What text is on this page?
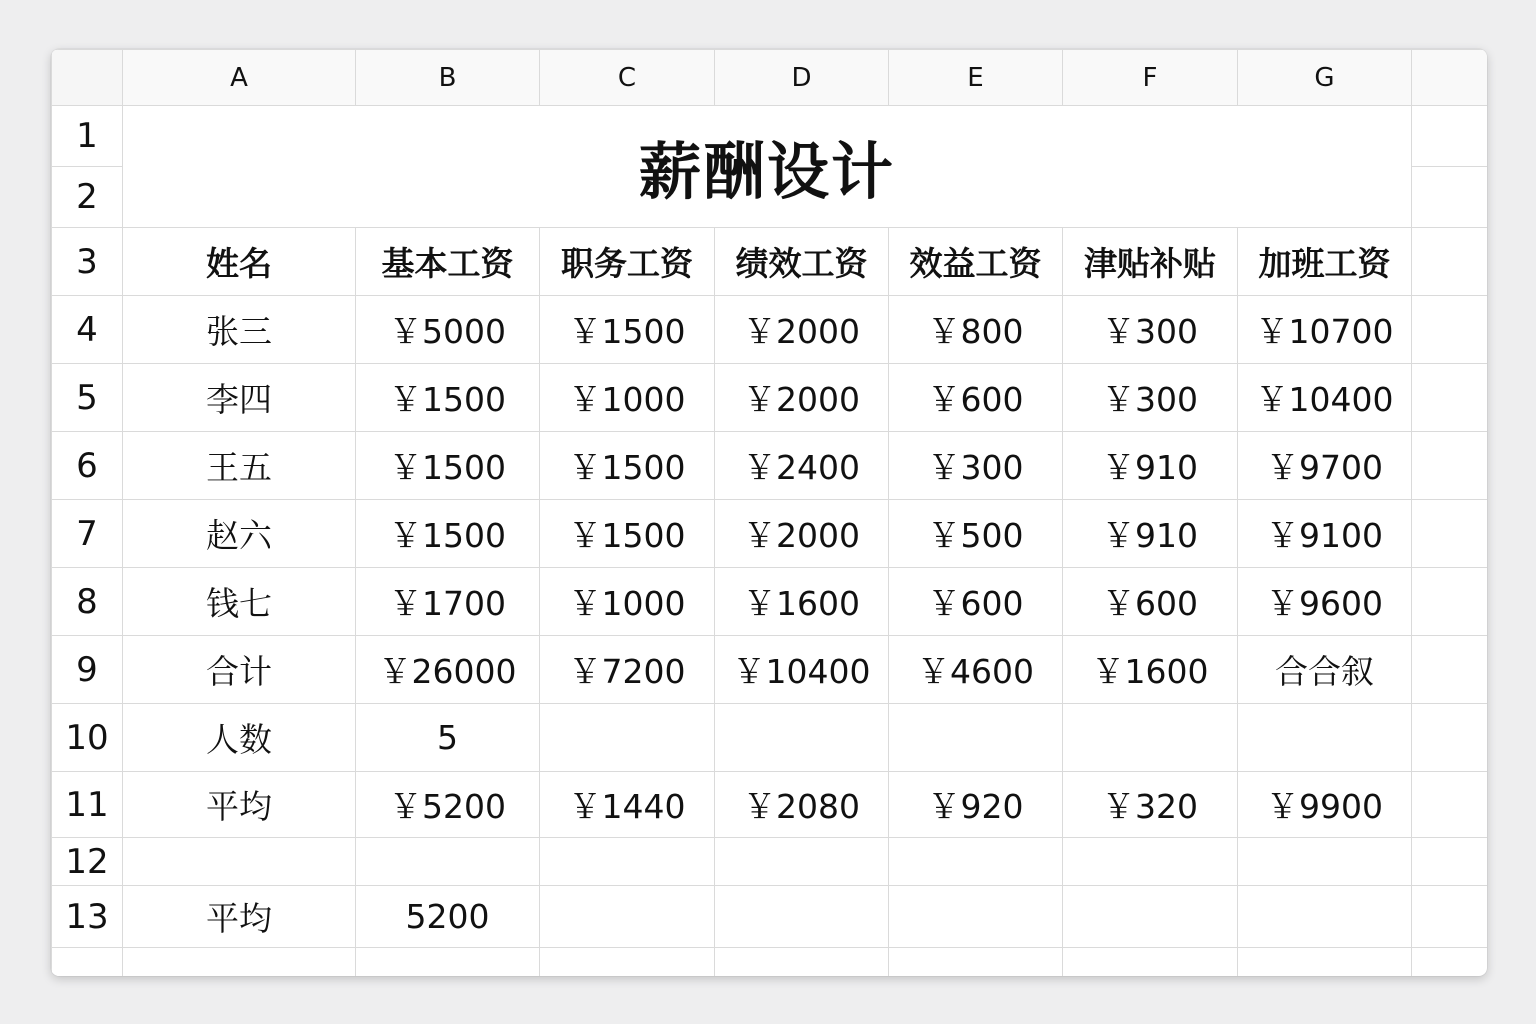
	A	B	C	D	E	F	G	
1	薪酬设计							
2								
3	姓名	基本工资	职务工资	绩效工资	效益工资	津贴补贴	加班工资	
4	张三	￥5000	￥1500	￥2000	￥800	￥300	￥10700	
5	李四	￥1500	￥1000	￥2000	￥600	￥300	￥10400	
6	王五	￥1500	￥1500	￥2400	￥300	￥910	￥9700	
7	赵六	￥1500	￥1500	￥2000	￥500	￥910	￥9100	
8	钱七	￥1700	￥1000	￥1600	￥600	￥600	￥9600	
9	合计	￥26000	￥7200	￥10400	￥4600	￥1600	合合叙	
10	人数	5						
11	平均	￥5200	￥1440	￥2080	￥920	￥320	￥9900	
12								
13	平均	5200						
